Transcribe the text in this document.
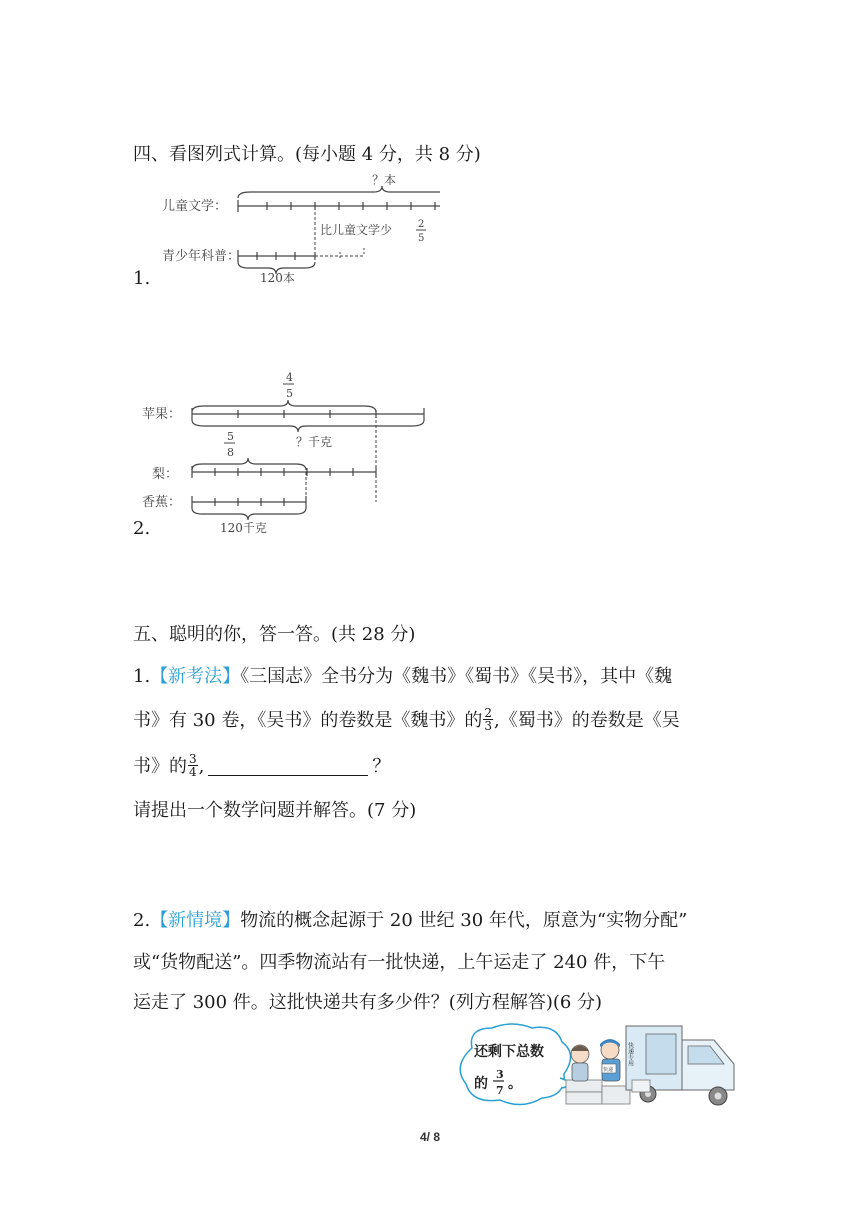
四、看图列式计算。(每小题 4 分，共 8 分)
儿童文学：
青少年科普：
？本
比儿童文学少	2
5
120本
1.
4
5
苹果：
？千克
5
8
梨：
香蕉：
120千克
2.
五、聪明的你，答一答。(共 28 分)
1.【新考法】《三国志》全书分为《魏书》《蜀书》《吴书》，其中《魏
书》有 30 卷，《吴书》的卷数是《魏书》的 $\frac{2}{3}$ ,《蜀书》的卷数是《吴
书》的 $\frac{3}{4}$ ,	？
请提出一个数学问题并解答。(7 分)
2.【新情境】物流的概念起源于 20 世纪 30 年代，原意为“实物分配”
或“货物配送”。四季物流站有一批快递，上午运走了 240 件，下午
运走了 300 件。这批快递共有多少件？(列方程解答)(6 分)
还剩下总数
的
3
7 。
快递
快递专用
4/ 8
